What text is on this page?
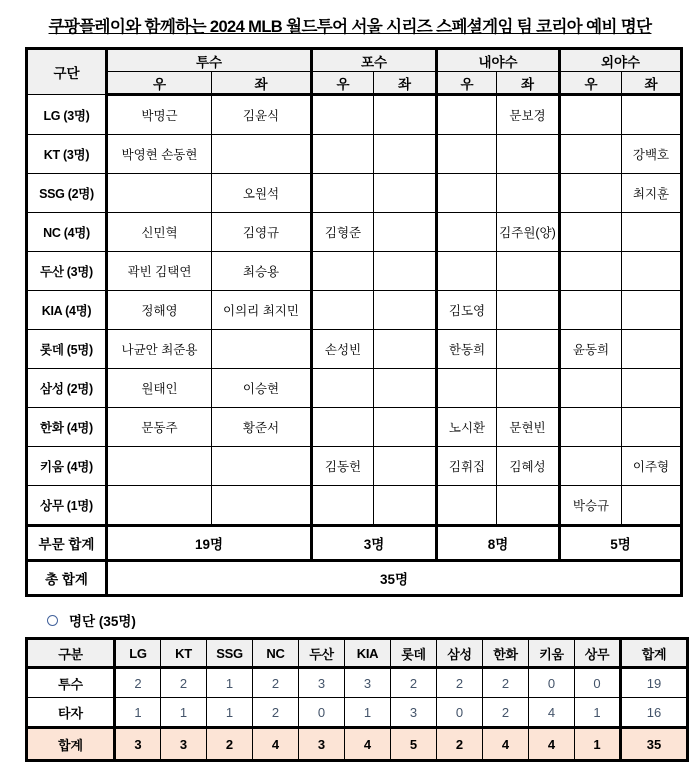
쿠팡플레이와 함께하는 2024 MLB 월드투어 서울 시리즈 스페셜게임 팀 코리아 예비 명단
구단	투수		포수		내야수		외야수	
	우	좌	우	좌	우	좌	우	좌
LG (3명)	박명근	김윤식				문보경		
KT (3명)	박영현 손동현							강백호
SSG (2명)		오원석						최지훈
NC (4명)	신민혁	김영규	김형준			김주원(양)		
두산 (3명)	곽빈 김택연	최승용						
KIA (4명)	정해영	이의리 최지민			김도영			
롯데 (5명)	나균안 최준용		손성빈		한동희		윤동희	
삼성 (2명)	원태인	이승현						
한화 (4명)	문동주	황준서			노시환	문현빈		
키움 (4명)			김동헌		김휘집	김혜성		이주형
상무 (1명)							박승규	
부문 합계	19명		3명		8명		5명	
총 합계	35명							
명단 (35명)
구분	LG	KT	SSG	NC	두산	KIA	롯데	삼성	한화	키움	상무	합계
투수	2	2	1	2	3	3	2	2	2	0	0	19
타자	1	1	1	2	0	1	3	0	2	4	1	16
합계	3	3	2	4	3	4	5	2	4	4	1	35
